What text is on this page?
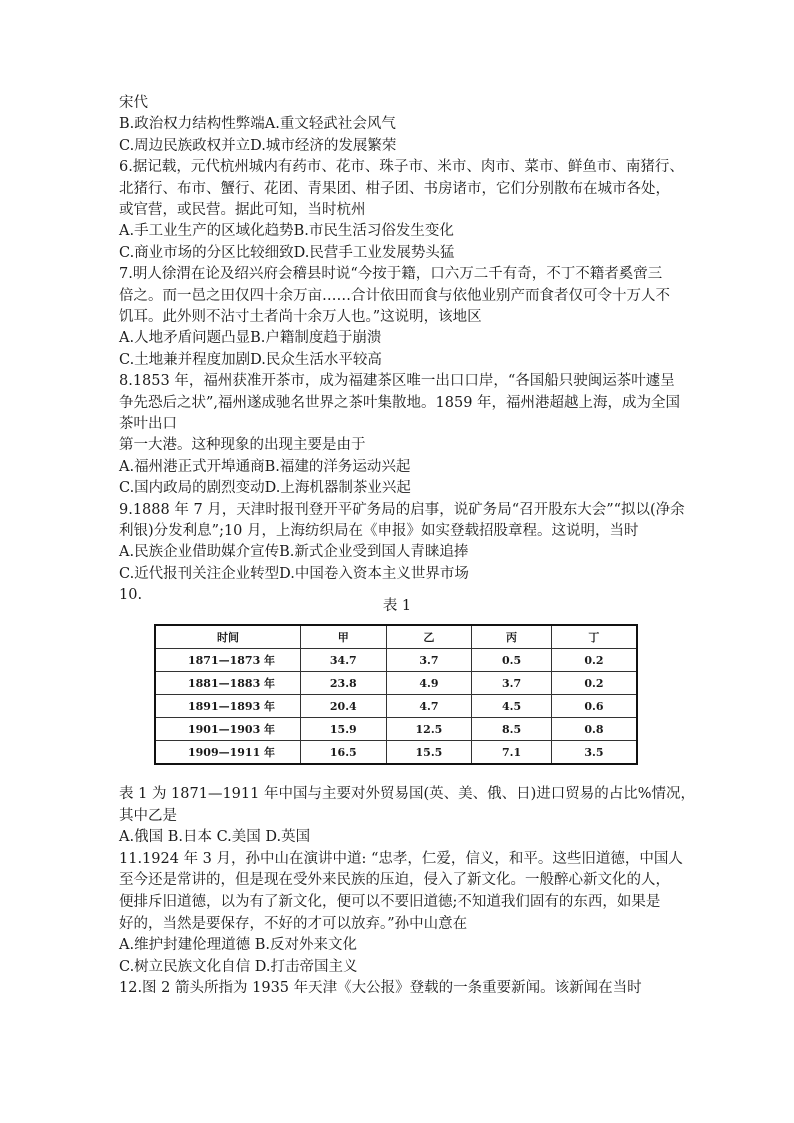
宋代
B.政治权力结构性弊端A.重文轻武社会风气
C.周边民族政权并立D.城市经济的发展繁荣
6.据记载，元代杭州城内有药市、花市、珠子市、米市、肉市、菜市、鲜鱼市、南猪行、
北猪行、布市、蟹行、花团、青果团、柑子团、书房诸市，它们分别散布在城市各处，
或官营，或民营。据此可知，当时杭州
A.手工业生产的区域化趋势B.市民生活习俗发生变化
C.商业市场的分区比较细致D.民营手工业发展势头猛
7.明人徐渭在论及绍兴府会稽县时说“今按于籍，口六万二千有奇，不丁不籍者奚啻三
倍之。而一邑之田仅四十余万亩……合计依田而食与依他业别产而食者仅可令十万人不
饥耳。此外则不沾寸土者尚十余万人也。”这说明，该地区
A.人地矛盾问题凸显B.户籍制度趋于崩溃
C.土地兼并程度加剧D.民众生活水平较高
8.1853 年，福州获准开茶市，成为福建茶区唯一出口口岸，“各国船只驶闽运茶叶遽呈
争先恐后之状”,福州遂成驰名世界之茶叶集散地。1859 年，福州港超越上海，成为全国
茶叶出口
第一大港。这种现象的出现主要是由于
A.福州港正式开埠通商B.福建的洋务运动兴起
C.国内政局的剧烈变动D.上海机器制茶业兴起
9.1888 年 7 月，天津时报刊登开平矿务局的启事，说矿务局“召开股东大会”“拟以(净余
利银)分发利息”;10 月，上海纺织局在《申报》如实登载招股章程。这说明，当时
A.民族企业借助媒介宣传B.新式企业受到国人青睐追捧
C.近代报刊关注企业转型D.中国卷入资本主义世界市场
10.
表 1
时间	甲	乙	丙	丁
1871—1873 年	34.7	3.7	0.5	0.2
1881—1883 年	23.8	4.9	3.7	0.2
1891—1893 年	20.4	4.7	4.5	0.6
1901—1903 年	15.9	12.5	8.5	0.8
1909—1911 年	16.5	15.5	7.1	3.5
表 1 为 1871—1911 年中国与主要对外贸易国(英、美、俄、日)进口贸易的占比%情况，
其中乙是
A.俄国 B.日本 C.美国 D.英国
11.1924 年 3 月，孙中山在演讲中道: “忠孝，仁爱，信义，和平。这些旧道德，中国人
至今还是常讲的，但是现在受外来民族的压迫，侵入了新文化。一般醉心新文化的人，
便排斥旧道德，以为有了新文化，便可以不要旧道德;不知道我们固有的东西，如果是
好的，当然是要保存，不好的才可以放弃。”孙中山意在
A.维护封建伦理道德 B.反对外来文化
C.树立民族文化自信 D.打击帝国主义
12.图 2 箭头所指为 1935 年天津《大公报》登载的一条重要新闻。该新闻在当时
